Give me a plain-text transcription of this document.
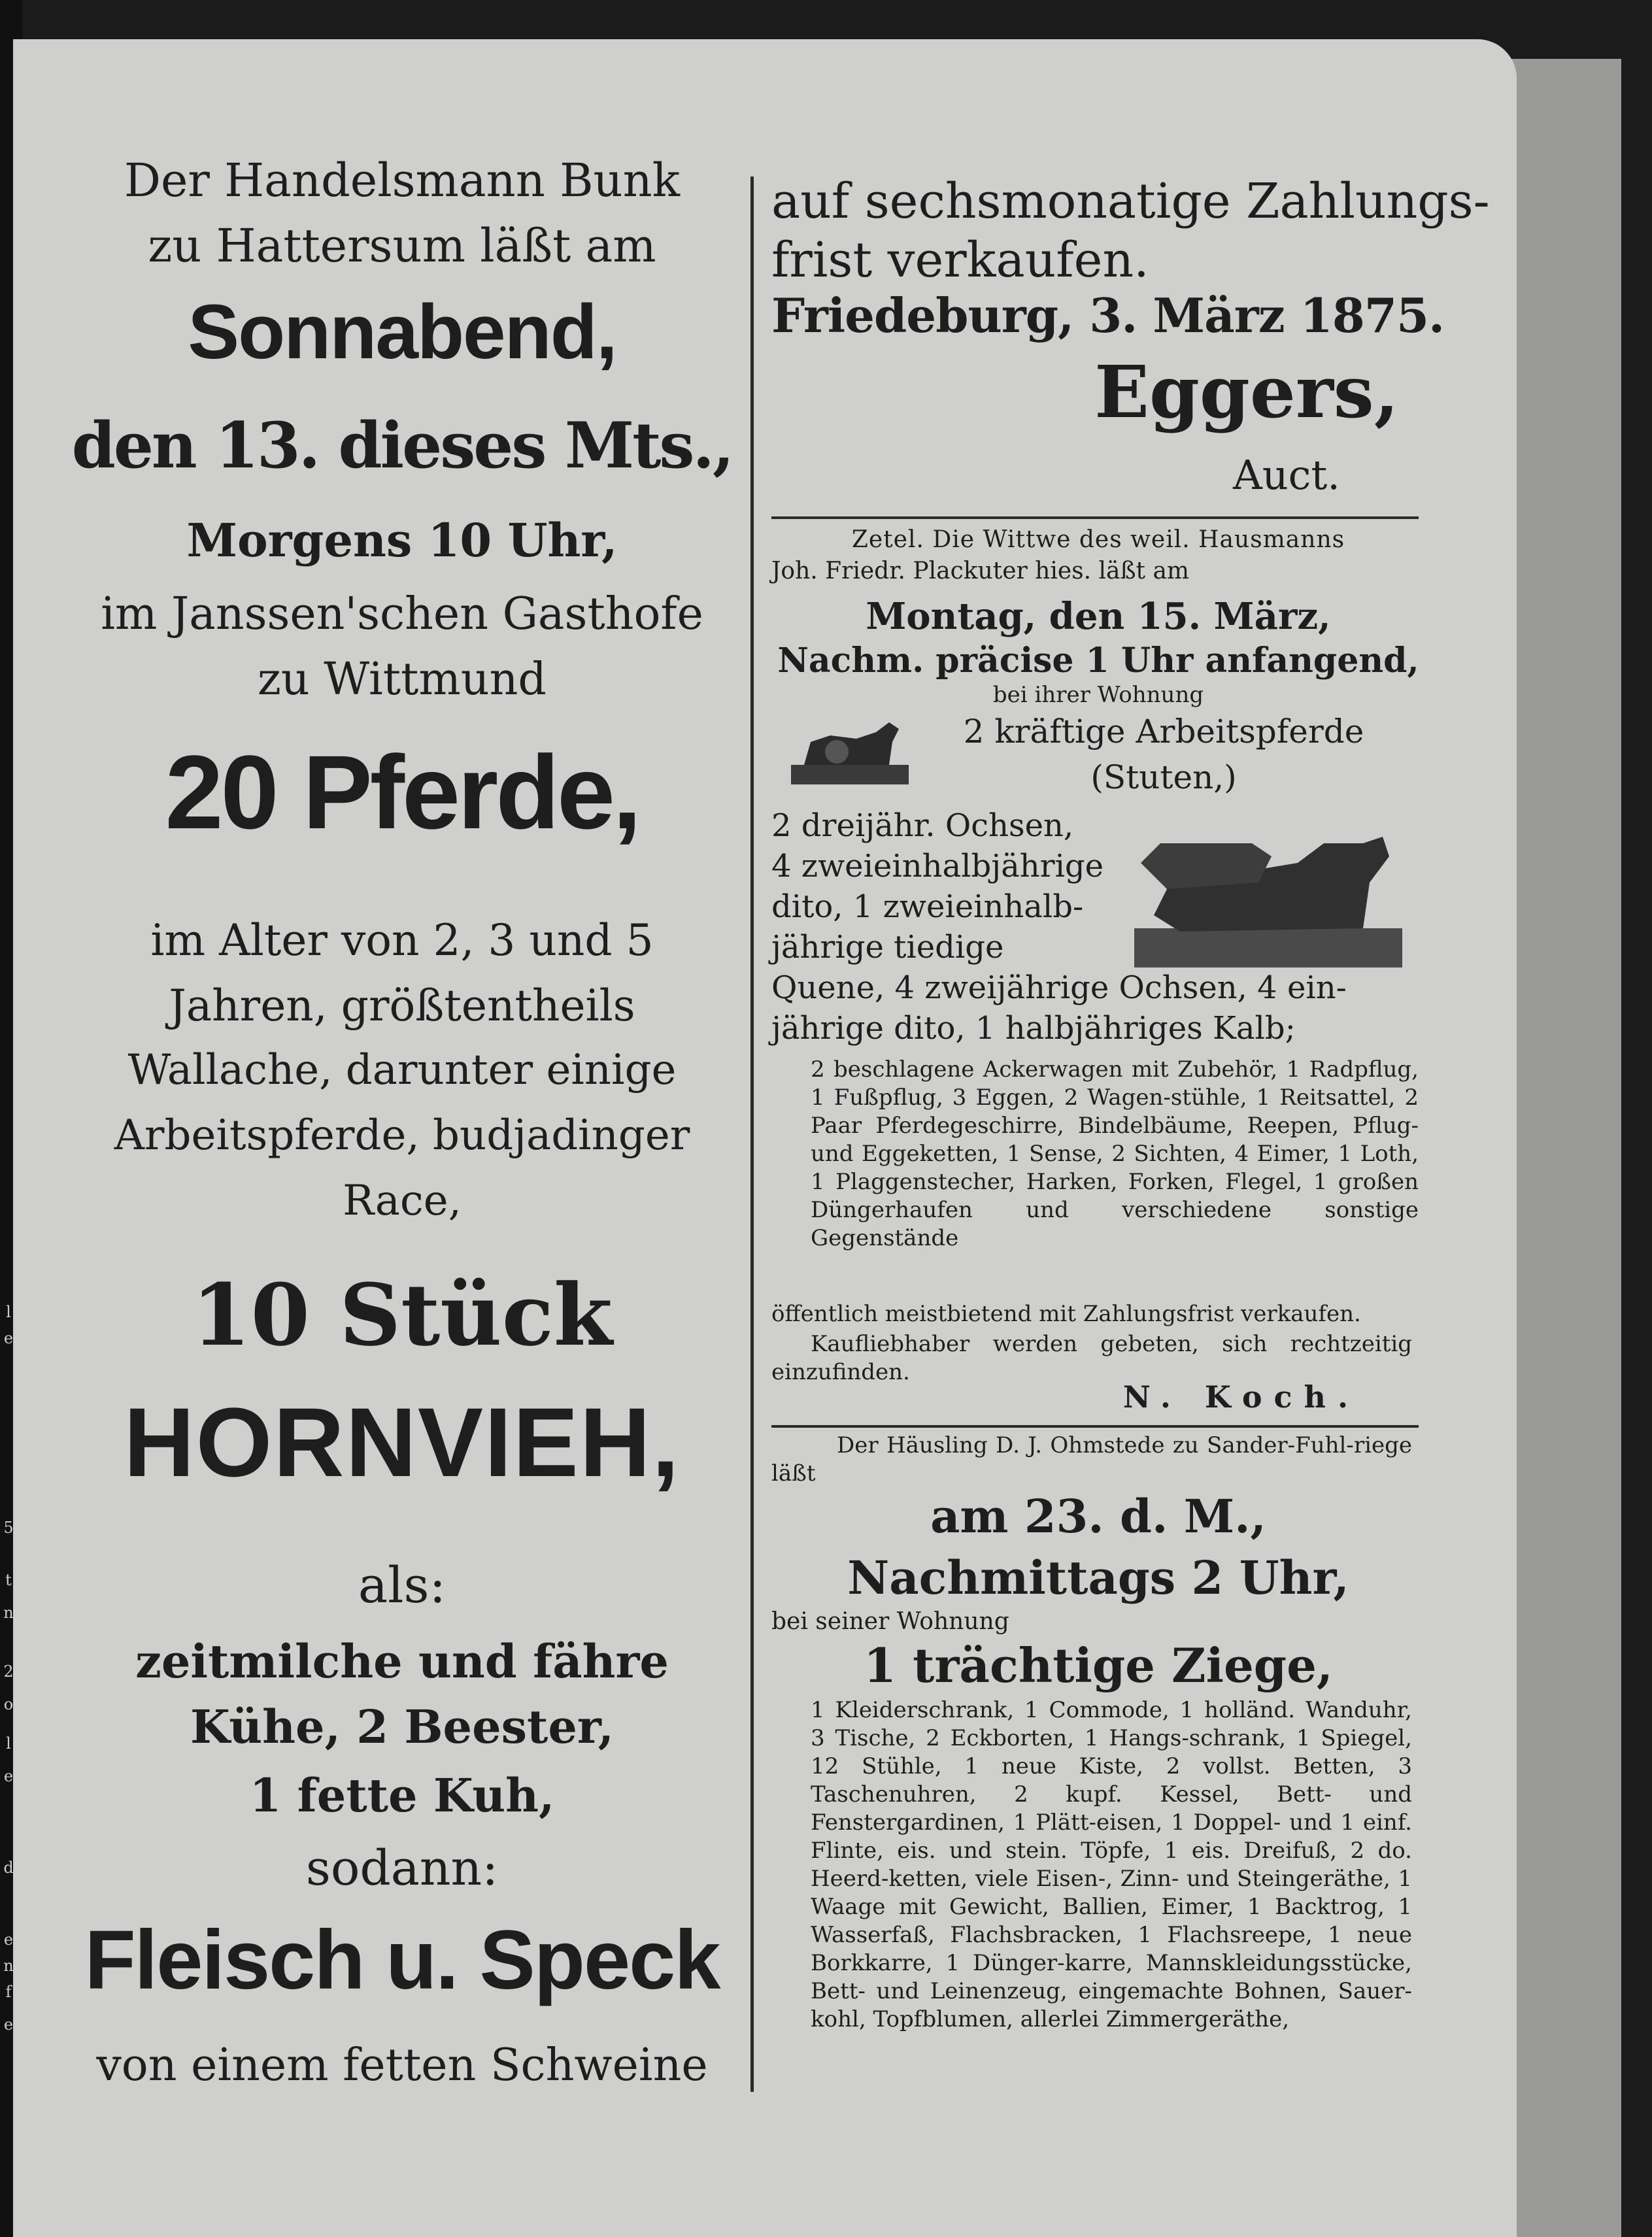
l
e
5
t
n
2
o
l
e
d
e
n
f
e
Der Handelsmann Bunk
zu Hattersum läßt am
Sonnabend,
den 13. dieses Mts.,
Morgens 10 Uhr,
im Janssen'schen Gasthofe
zu Wittmund
20 Pferde,
im Alter von 2, 3 und 5
Jahren, größtentheils
Wallache, darunter einige
Arbeitspferde, budjadinger
Race,
10 Stück
HORNVIEH,
als:
zeitmilche und fähre
Kühe, 2 Beester,
1 fette Kuh,
sodann:
Fleisch u. Speck
von einem fetten Schweine
auf sechsmonatige Zahlungs-
frist verkaufen.
Friedeburg, 3. März 1875.
Eggers,
Auct.
Zetel. Die Wittwe des weil. Hausmanns
Joh. Friedr. Plackuter hies. läßt am
Montag, den 15. März,
Nachm. präcise 1 Uhr anfangend,
bei ihrer Wohnung
2 kräftige Arbeitspferde
(Stuten,)
2 dreijähr. Ochsen,
4 zweieinhalbjährige
dito, 1 zweieinhalb-
jährige tiedige
Quene, 4 zweijährige Ochsen, 4 ein-
jährige dito, 1 halbjähriges Kalb;
2 beschlagene Ackerwagen mit Zubehör, 1 Radpflug, 1 Fußpflug, 3 Eggen, 2 Wagen-stühle, 1 Reitsattel, 2 Paar Pferdegeschirre, Bindelbäume, Reepen, Pflug- und Eggeketten, 1 Sense, 2 Sichten, 4 Eimer, 1 Loth, 1 Plaggenstecher, Harken, Forken, Flegel, 1 großen Düngerhaufen und verschiedene sonstige Gegenstände
öffentlich meistbietend mit Zahlungsfrist verkaufen.
Kaufliebhaber werden gebeten, sich rechtzeitig einzufinden.
N. Koch.
Der Häusling D. J. Ohmstede zu Sander-Fuhl-riege läßt
am 23. d. M.,
Nachmittags 2 Uhr,
bei seiner Wohnung
1 trächtige Ziege,
1 Kleiderschrank, 1 Commode, 1 holländ. Wanduhr, 3 Tische, 2 Eckborten, 1 Hangs-schrank, 1 Spiegel, 12 Stühle, 1 neue Kiste, 2 vollst. Betten, 3 Taschenuhren, 2 kupf. Kessel, Bett- und Fenstergardinen, 1 Plätt-eisen, 1 Doppel- und 1 einf. Flinte, eis. und stein. Töpfe, 1 eis. Dreifuß, 2 do. Heerd-ketten, viele Eisen-, Zinn- und Steingeräthe, 1 Waage mit Gewicht, Ballien, Eimer, 1 Backtrog, 1 Wasserfaß, Flachsbracken, 1 Flachsreepe, 1 neue Borkkarre, 1 Dünger-karre, Mannskleidungsstücke, Bett- und Leinenzeug, eingemachte Bohnen, Sauer-kohl, Topfblumen, allerlei Zimmergeräthe,
